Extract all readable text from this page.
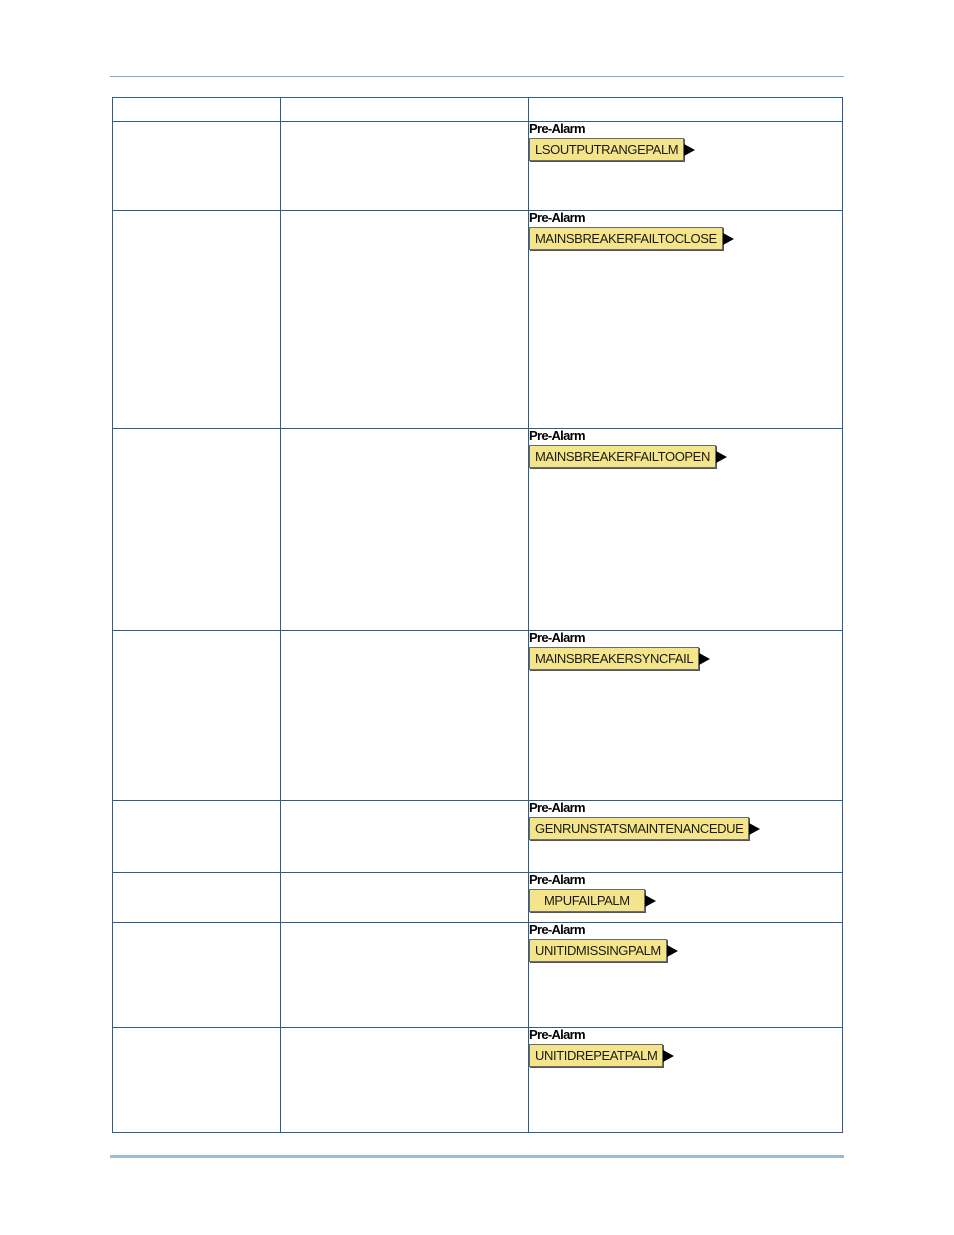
		Pre-Alarm
LSOUTPUTRANGEPALM

		Pre-Alarm
MAINSBREAKERFAILTOCLOSE

		Pre-Alarm
MAINSBREAKERFAILTOOPEN

		Pre-Alarm
MAINSBREAKERSYNCFAIL

		Pre-Alarm
GENRUNSTATSMAINTENANCEDUE

		Pre-Alarm
MPUFAILPALM

		Pre-Alarm
UNITIDMISSINGPALM

		Pre-Alarm
UNITIDREPEATPALM
